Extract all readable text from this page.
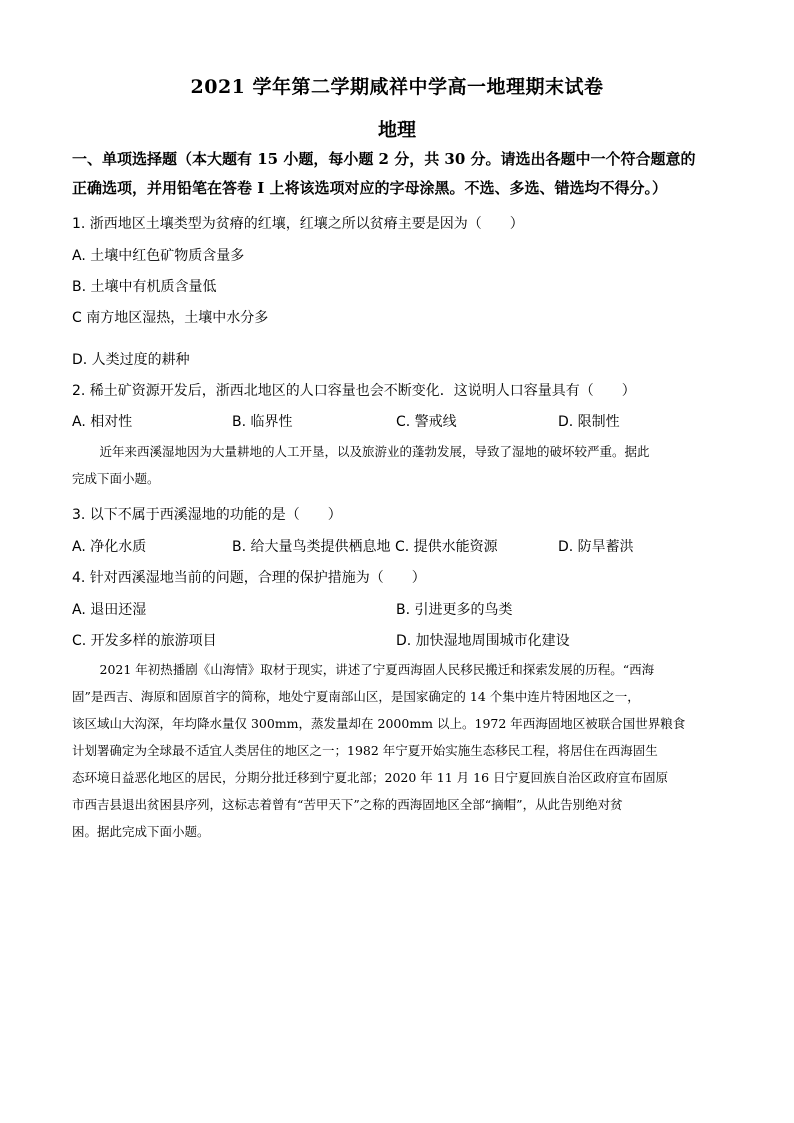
2021 学年第二学期咸祥中学高一地理期末试卷
地理
一、单项选择题（本大题有 15 小题，每小题 2 分，共 30 分。请选出各题中一个符合题意的
正确选项，并用铅笔在答卷 I 上将该选项对应的字母涂黑。不选、多选、错选均不得分。）
1. 浙西地区土壤类型为贫瘠的红壤，红壤之所以贫瘠主要是因为（　　）
A. 土壤中红色矿物质含量多
B. 土壤中有机质含量低
C 南方地区湿热，土壤中水分多
D. 人类过度的耕种
2. 稀土矿资源开发后，浙西北地区的人口容量也会不断变化．这说明人口容量具有（　　）
A. 相对性	B. 临界性	C. 警戒线	D. 限制性

近年来西溪湿地因为大量耕地的人工开垦，以及旅游业的蓬勃发展，导致了湿地的破坏较严重。据此

完成下面小题。
3. 以下不属于西溪湿地的功能的是（　　）
A. 净化水质	B. 给大量鸟类提供栖息地 C. 提供水能资源	D. 防旱蓄洪
4. 针对西溪湿地当前的问题，合理的保护措施为（　　）
A. 退田还湿	B. 引进更多的鸟类
C. 开发多样的旅游项目	D. 加快湿地周围城市化建设

2021 年初热播剧《山海情》取材于现实，讲述了宁夏西海固人民移民搬迁和探索发展的历程。“西海

固”是西吉、海原和固原首字的简称，地处宁夏南部山区，是国家确定的 14 个集中连片特困地区之一，
该区域山大沟深，年均降水量仅 300mm，蒸发量却在 2000mm 以上。1972 年西海固地区被联合国世界粮食
计划署确定为全球最不适宜人类居住的地区之一；1982 年宁夏开始实施生态移民工程，将居住在西海固生
态环境日益恶化地区的居民，分期分批迁移到宁夏北部；2020 年 11 月 16 日宁夏回族自治区政府宣布固原
市西吉县退出贫困县序列，这标志着曾有“苦甲天下”之称的西海固地区全部“摘帽”，从此告别绝对贫
困。据此完成下面小题。
